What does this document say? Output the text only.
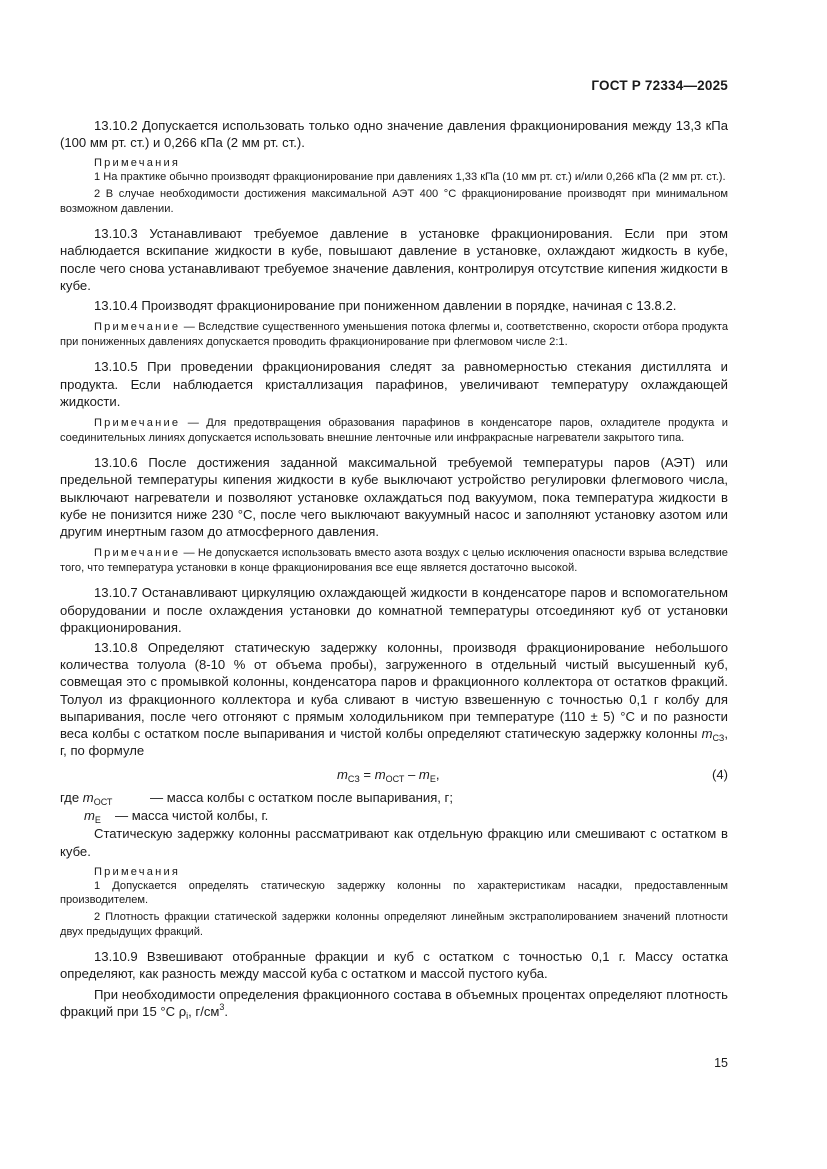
ГОСТ Р 72334—2025

13.10.2 Допускается использовать только одно значение давления фракционирования между 13,3 кПа (100 мм рт. ст.) и 0,266 кПа (2 мм рт. ст.).

Примечания

1 На практике обычно производят фракционирование при давлениях 1,33 кПа (10 мм рт. ст.) и/или 0,266 кПа (2 мм рт. ст.).

2 В случае необходимости достижения максимальной АЭТ 400 °С фракционирование производят при минимальном возможном давлении.

13.10.3 Устанавливают требуемое давление в установке фракционирования. Если при этом наблюдается вскипание жидкости в кубе, повышают давление в установке, охлаждают жидкость в кубе, после чего снова устанавливают требуемое значение давления, контролируя отсутствие кипения жидкости в кубе.

13.10.4 Производят фракционирование при пониженном давлении в порядке, начиная с 13.8.2.

Примечание — Вследствие существенного уменьшения потока флегмы и, соответственно, скорости отбора продукта при пониженных давлениях допускается проводить фракционирование при флегмовом числе 2:1.

13.10.5 При проведении фракционирования следят за равномерностью стекания дистиллята и продукта. Если наблюдается кристаллизация парафинов, увеличивают температуру охлаждающей жидкости.

Примечание — Для предотвращения образования парафинов в конденсаторе паров, охладителе продукта и соединительных линиях допускается использовать внешние ленточные или инфракрасные нагреватели закрытого типа.

13.10.6 После достижения заданной максимальной требуемой температуры паров (АЭТ) или предельной температуры кипения жидкости в кубе выключают устройство регулировки флегмового числа, выключают нагреватели и позволяют установке охлаждаться под вакуумом, пока температура жидкости в кубе не понизится ниже 230 °С, после чего выключают вакуумный насос и заполняют установку азотом или другим инертным газом до атмосферного давления.

Примечание — Не допускается использовать вместо азота воздух с целью исключения опасности взрыва вследствие того, что температура установки в конце фракционирования все еще является достаточно высокой.

13.10.7 Останавливают циркуляцию охлаждающей жидкости в конденсаторе паров и вспомогательном оборудовании и после охлаждения установки до комнатной температуры отсоединяют куб от установки фракционирования.

13.10.8 Определяют статическую задержку колонны, производя фракционирование небольшого количества толуола (8-10 % от объема пробы), загруженного в отдельный чистый высушенный куб, совмещая это с промывкой колонны, конденсатора паров и фракционного коллектора от остатков фракций. Толуол из фракционного коллектора и куба сливают в чистую взвешенную с точностью 0,1 г колбу для выпаривания, после чего отгоняют с прямым холодильником при температуре (110 ± 5) °С и по разности веса колбы с остатком после выпаривания и чистой колбы определяют статическую задержку колонны $m_{СЗ}$, г, по формуле

$m_{СЗ} = m_{ОСТ} - m_Е$,	(4)
где $m_{ОСТ}$	— масса колбы с остатком после выпаривания, г;
$m_Е$ — масса чистой колбы, г.

Статическую задержку колонны рассматривают как отдельную фракцию или смешивают с остатком в кубе.

Примечания

1 Допускается определять статическую задержку колонны по характеристикам насадки, предоставленным производителем.

2 Плотность фракции статической задержки колонны определяют линейным экстраполированием значений плотности двух предыдущих фракций.

13.10.9 Взвешивают отобранные фракции и куб с остатком с точностью 0,1 г. Массу остатка определяют, как разность между массой куба с остатком и массой пустого куба.

При необходимости определения фракционного состава в объемных процентах определяют плотность фракций при 15 °С $\rho_i$, $г/см^3$.

15
